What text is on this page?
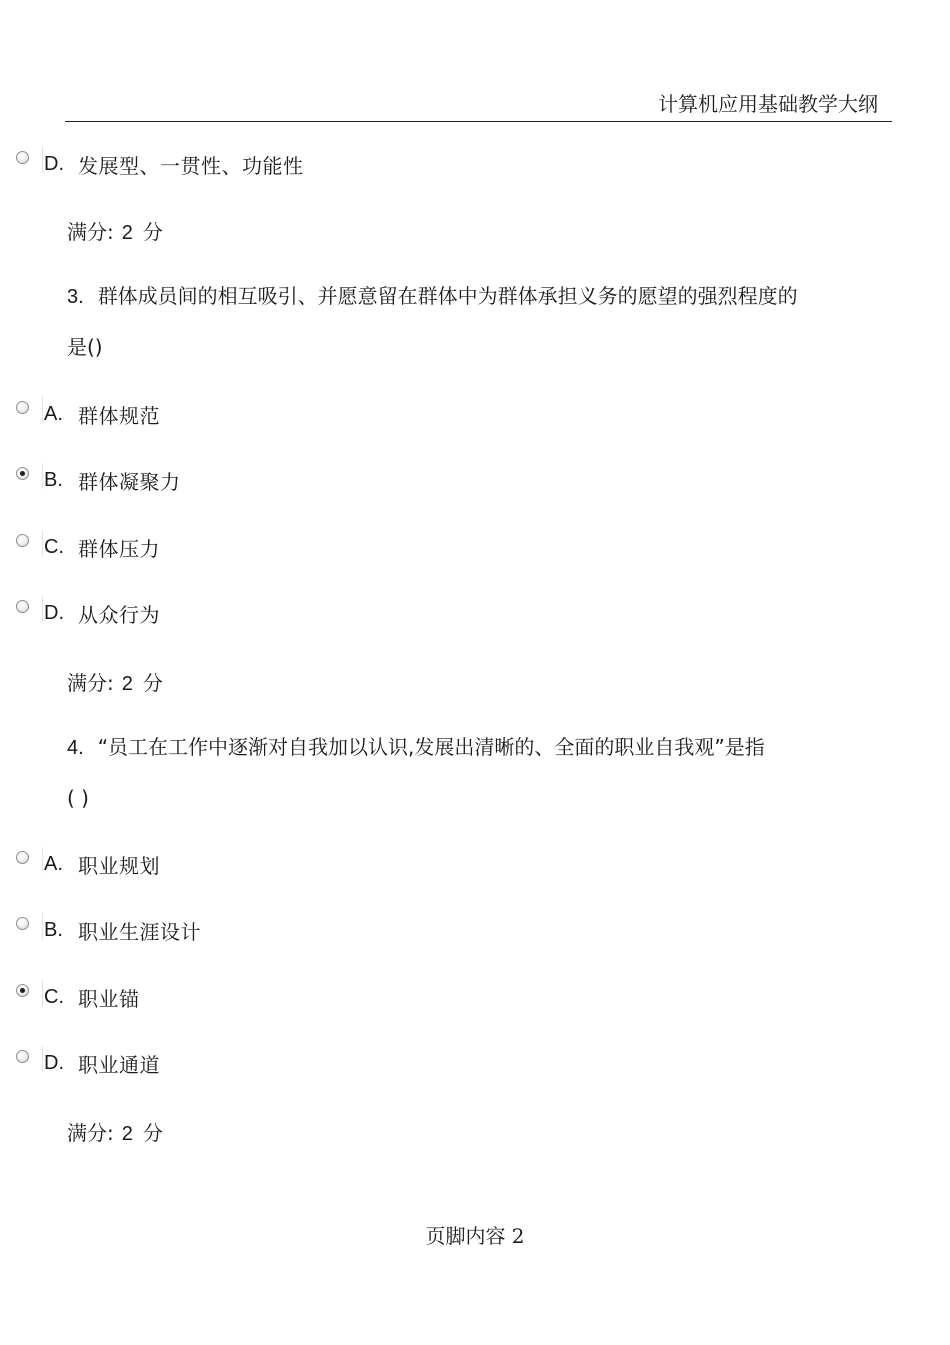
计算机应用基础教学大纲
D. 发展型、一贯性、功能性
满分: 2 分
3. 群体成员间的相互吸引、并愿意留在群体中为群体承担义务的愿望的强烈程度的
是()
A. 群体规范
B. 群体凝聚力
C. 群体压力
D. 从众行为
满分: 2 分
4. “员工在工作中逐渐对自我加以认识,发展出清晰的、全面的职业自我观”是指
( )
A. 职业规划
B. 职业生涯设计
C. 职业锚
D. 职业通道
满分: 2 分
页脚内容 2
